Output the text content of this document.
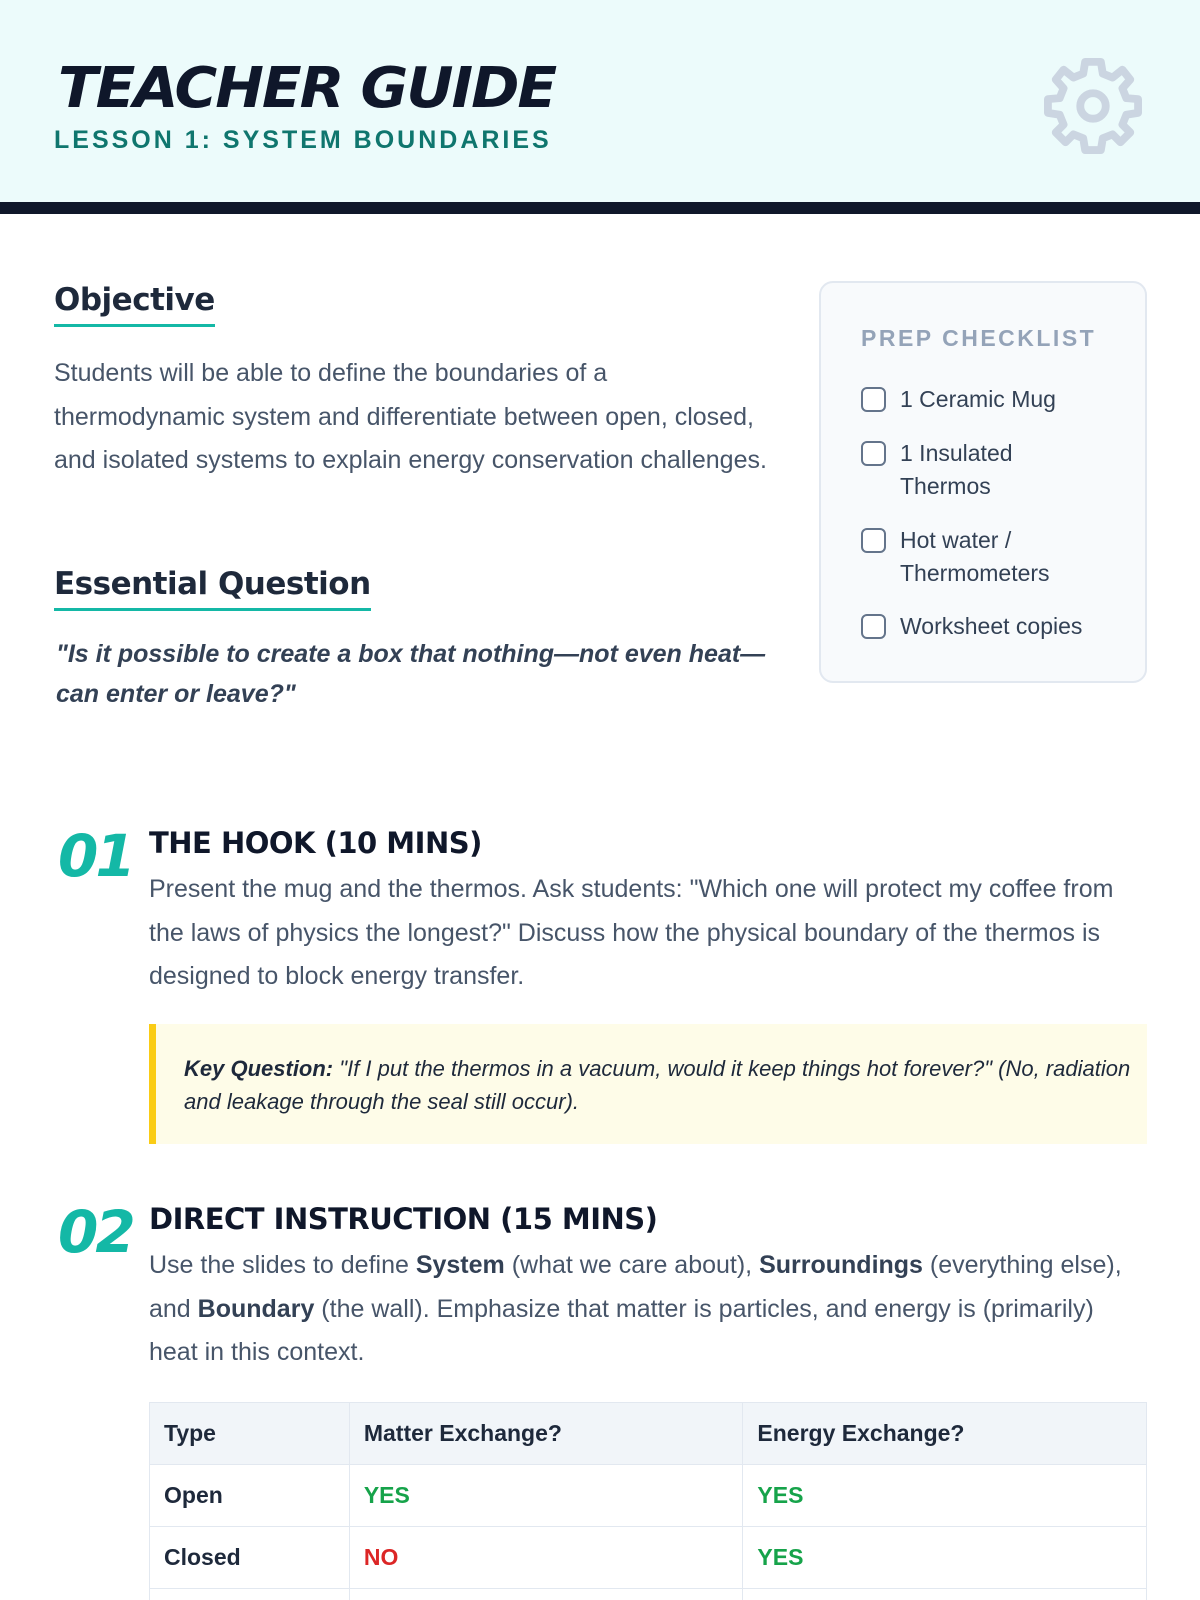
TEACHER GUIDE
LESSON 1: SYSTEM BOUNDARIES
Objective

Students will be able to define the boundaries of a thermodynamic system and differentiate between open, closed, and isolated systems to explain energy conservation challenges.

Essential Question

"Is it possible to create a box that nothing—not even heat—can enter or leave?"

PREP CHECKLIST
1 Ceramic Mug
1 Insulated Thermos
Hot water / Thermometers
Worksheet copies
01 THE HOOK (10 MINS)

Present the mug and the thermos. Ask students: "Which one will protect my coffee from the laws of physics the longest?" Discuss how the physical boundary of the thermos is designed to block energy transfer.

Key Question: "If I put the thermos in a vacuum, would it keep things hot forever?" (No, radiation and leakage through the seal still occur).
02 DIRECT INSTRUCTION (15 MINS)

Use the slides to define System (what we care about), Surroundings (everything else), and Boundary (the wall). Emphasize that matter is particles, and energy is (primarily) heat in this context.

Type	Matter Exchange?	Energy Exchange?
Open	YES	YES
Closed	NO	YES
